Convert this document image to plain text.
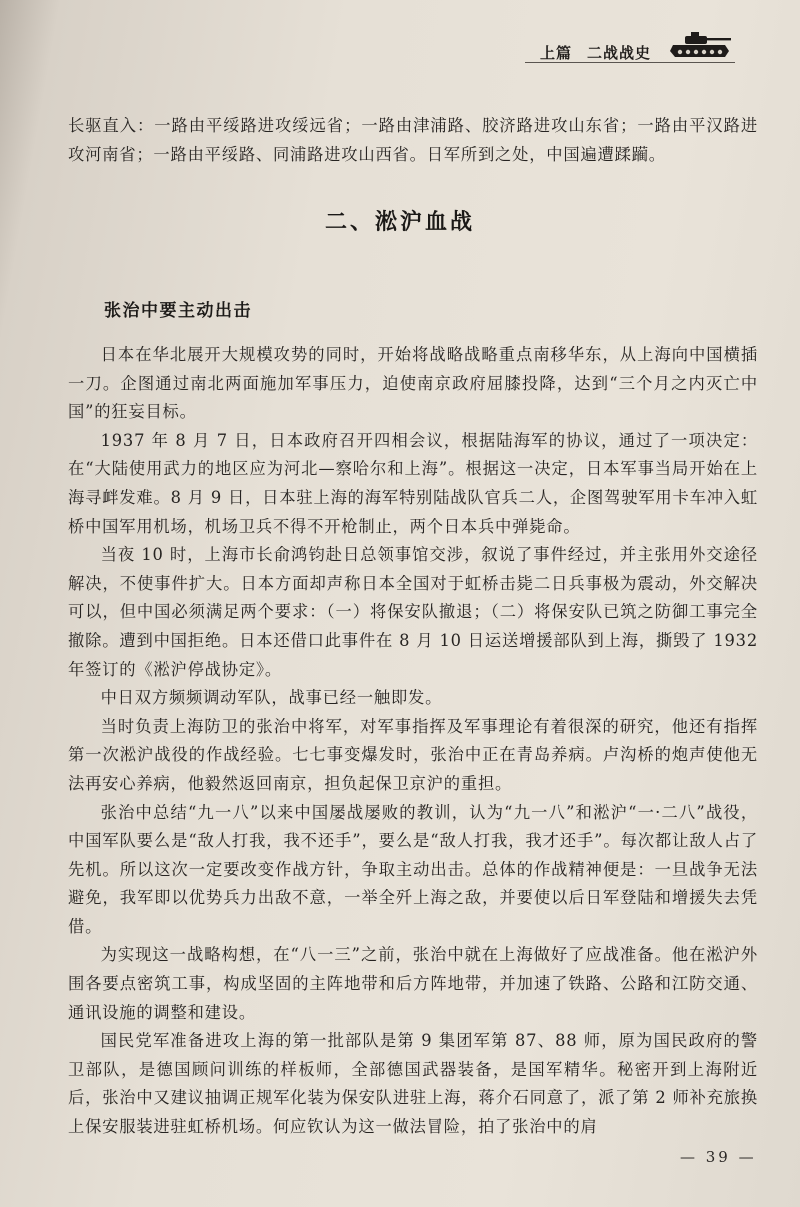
上篇 二战战史

长驱直入：一路由平绥路进攻绥远省；一路由津浦路、胶济路进攻山东省；一路由平汉路进攻河南省；一路由平绥路、同浦路进攻山西省。日军所到之处，中国遍遭蹂躏。

二、淞沪血战
张治中要主动出击

日本在华北展开大规模攻势的同时，开始将战略战略重点南移华东，从上海向中国横插一刀。企图通过南北两面施加军事压力，迫使南京政府屈膝投降，达到“三个月之内灭亡中国”的狂妄目标。

1937 年 8 月 7 日，日本政府召开四相会议，根据陆海军的协议，通过了一项决定：在“大陆使用武力的地区应为河北—察哈尔和上海”。根据这一决定，日本军事当局开始在上海寻衅发难。8 月 9 日，日本驻上海的海军特别陆战队官兵二人，企图驾驶军用卡车冲入虹桥中国军用机场，机场卫兵不得不开枪制止，两个日本兵中弹毙命。

当夜 10 时，上海市长俞鸿钧赴日总领事馆交涉，叙说了事件经过，并主张用外交途径解决，不使事件扩大。日本方面却声称日本全国对于虹桥击毙二日兵事极为震动，外交解决可以，但中国必须满足两个要求：（一）将保安队撤退；（二）将保安队已筑之防御工事完全撤除。遭到中国拒绝。日本还借口此事件在 8 月 10 日运送增援部队到上海，撕毁了 1932 年签订的《淞沪停战协定》。

中日双方频频调动军队，战事已经一触即发。

当时负责上海防卫的张治中将军，对军事指挥及军事理论有着很深的研究，他还有指挥第一次淞沪战役的作战经验。七七事变爆发时，张治中正在青岛养病。卢沟桥的炮声使他无法再安心养病，他毅然返回南京，担负起保卫京沪的重担。

张治中总结“九一八”以来中国屡战屡败的教训，认为“九一八”和淞沪“一·二八”战役，中国军队要么是“敌人打我，我不还手”，要么是“敌人打我，我才还手”。每次都让敌人占了先机。所以这次一定要改变作战方针，争取主动出击。总体的作战精神便是：一旦战争无法避免，我军即以优势兵力出敌不意，一举全歼上海之敌，并要使以后日军登陆和增援失去凭借。

为实现这一战略构想，在“八一三”之前，张治中就在上海做好了应战准备。他在淞沪外围各要点密筑工事，构成坚固的主阵地带和后方阵地带，并加速了铁路、公路和江防交通、通讯设施的调整和建设。

国民党军准备进攻上海的第一批部队是第 9 集团军第 87、88 师，原为国民政府的警卫部队，是德国顾问训练的样板师，全部德国武器装备，是国军精华。秘密开到上海附近后，张治中又建议抽调正规军化装为保安队进驻上海，蒋介石同意了，派了第 2 师补充旅换上保安服装进驻虹桥机场。何应钦认为这一做法冒险，拍了张治中的肩

— 39 —
